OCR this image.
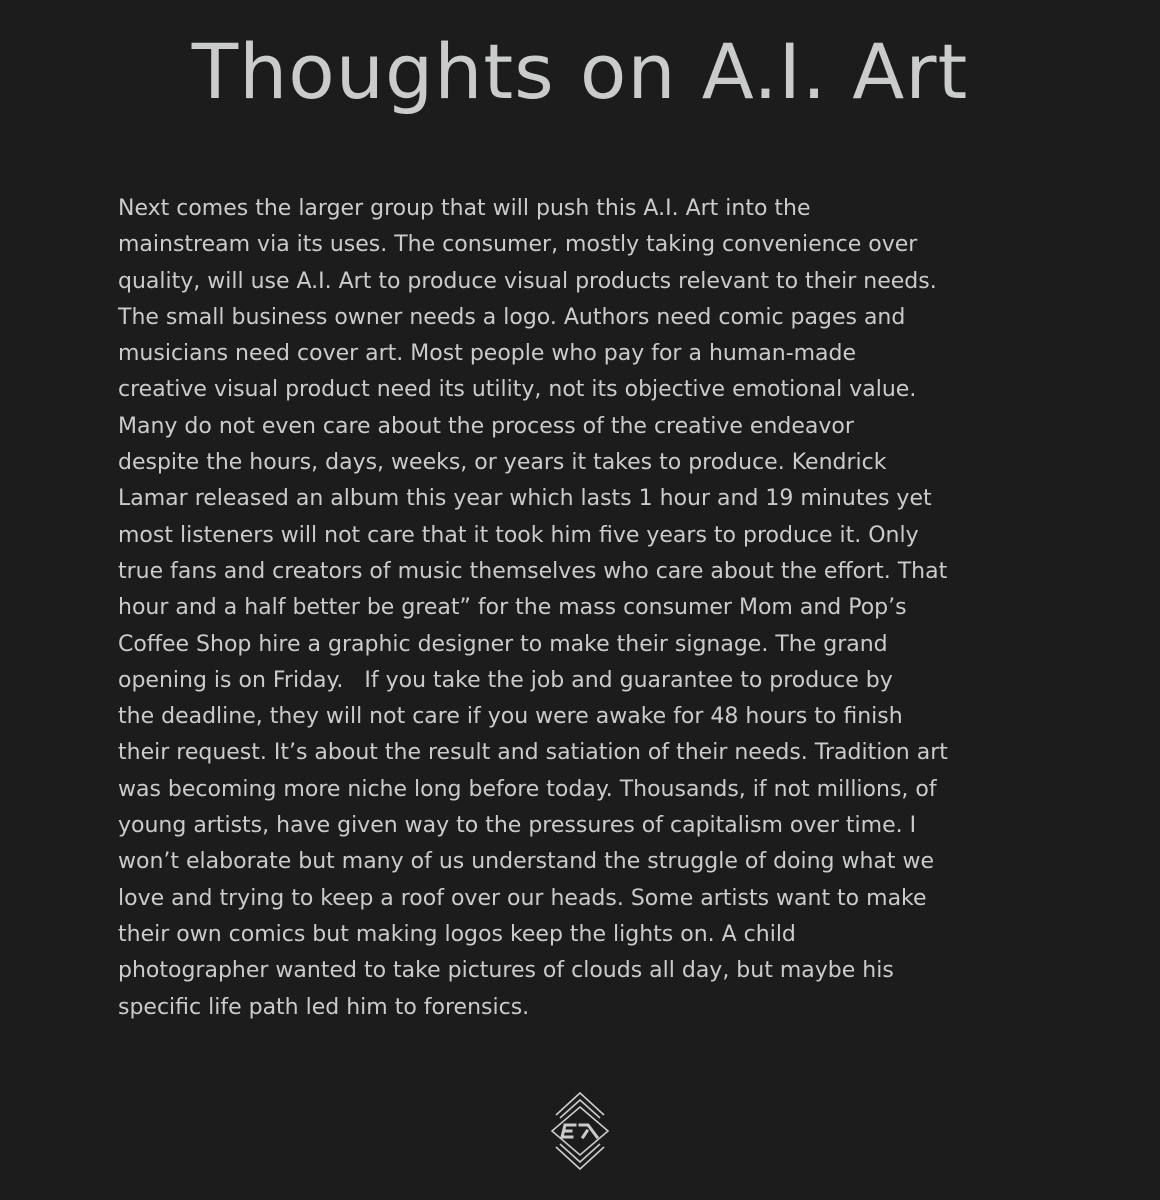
Thoughts on A.I. Art
Next comes the larger group that will push this A.I. Art into the
mainstream via its uses. The consumer, mostly taking convenience over
quality, will use A.I. Art to produce visual products relevant to their needs.
The small business owner needs a logo. Authors need comic pages and
musicians need cover art. Most people who pay for a human-made
creative visual product need its utility, not its objective emotional value.
Many do not even care about the process of the creative endeavor
despite the hours, days, weeks, or years it takes to produce. Kendrick
Lamar released an album this year which lasts 1 hour and 19 minutes yet
most listeners will not care that it took him five years to produce it. Only
true fans and creators of music themselves who care about the effort. That
hour and a half better be great” for the mass consumer Mom and Pop’s
Coffee Shop hire a graphic designer to make their signage. The grand
opening is on Friday.   If you take the job and guarantee to produce by
the deadline, they will not care if you were awake for 48 hours to finish
their request. It’s about the result and satiation of their needs. Tradition art
was becoming more niche long before today. Thousands, if not millions, of
young artists, have given way to the pressures of capitalism over time. I
won’t elaborate but many of us understand the struggle of doing what we
love and trying to keep a roof over our heads. Some artists want to make
their own comics but making logos keep the lights on. A child
photographer wanted to take pictures of clouds all day, but maybe his
specific life path led him to forensics.
